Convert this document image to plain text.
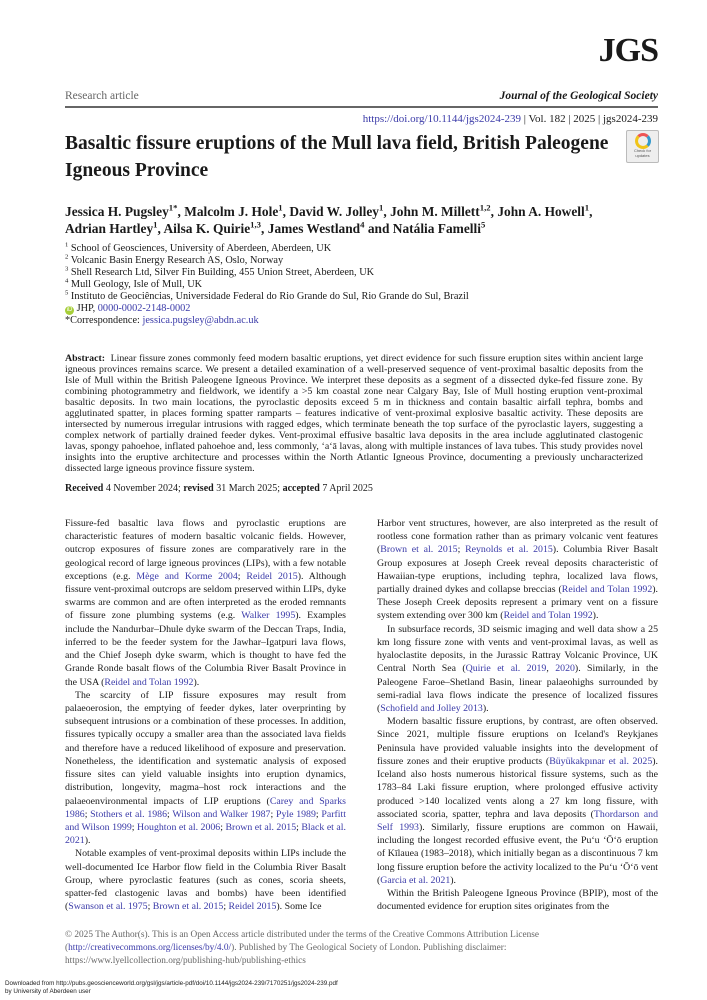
JGS
Research article	Journal of the Geological Society
https://doi.org/10.1144/jgs2024-239 | Vol. 182 | 2025 | jgs2024-239
Check for
updates
Basaltic fissure eruptions of the Mull lava field, British Paleogene Igneous Province
Jessica H. Pugsley$^{1*}$, Malcolm J. Hole$^1$, David W. Jolley$^1$, John M. Millett$^{1,2}$, John A. Howell$^1$, Adrian Hartley$^1$, Ailsa K. Quirie$^{1,3}$, James Westland$^4$ and Natália Famelli$^5$
$^1$ School of Geosciences, University of Aberdeen, Aberdeen, UK
$^2$ Volcanic Basin Energy Research AS, Oslo, Norway
$^3$ Shell Research Ltd, Silver Fin Building, 455 Union Street, Aberdeen, UK
$^4$ Mull Geology, Isle of Mull, UK
$^5$ Instituto de Geociências, Universidade Federal do Rio Grande do Sul, Rio Grande do Sul, Brazil
iD JHP, 0000-0002-2148-0002
*Correspondence: jessica.pugsley@abdn.ac.uk
Abstract: Linear fissure zones commonly feed modern basaltic eruptions, yet direct evidence for such fissure eruption sites within ancient large igneous provinces remains scarce. We present a detailed examination of a well-preserved sequence of vent-proximal basaltic deposits from the Isle of Mull within the British Paleogene Igneous Province. We interpret these deposits as a segment of a dissected dyke-fed fissure zone. By combining photogrammetry and fieldwork, we identify a >5 km coastal zone near Calgary Bay, Isle of Mull hosting eruption vent-proximal basaltic deposits. In two main locations, the pyroclastic deposits exceed 5 m in thickness and contain basaltic airfall tephra, bombs and agglutinated spatter, in places forming spatter ramparts – features indicative of vent-proximal explosive basaltic activity. These deposits are intersected by numerous irregular intrusions with ragged edges, which terminate beneath the top surface of the pyroclastic layers, suggesting a complex network of partially drained feeder dykes. Vent-proximal effusive basaltic lava deposits in the area include agglutinated clastogenic lavas, spongy pahoehoe, inflated pahoehoe and, less commonly, ‘a‘ā lavas, along with multiple instances of lava tubes. This study provides novel insights into the eruptive architecture and processes within the North Atlantic Igneous Province, documenting a previously uncharacterized dissected large igneous province fissure system.
Received 4 November 2024; revised 31 March 2025; accepted 7 April 2025

Fissure-fed basaltic lava flows and pyroclastic eruptions are characteristic features of modern basaltic volcanic fields. However, outcrop exposures of fissure zones are comparatively rare in the geological record of large igneous provinces (LIPs), with a few notable exceptions (e.g. Mège and Korme 2004; Reidel 2015). Although fissure vent-proximal outcrops are seldom preserved within LIPs, dyke swarms are common and are often interpreted as the eroded remnants of fissure zone plumbing systems (e.g. Walker 1995). Examples include the Nandurbar–Dhule dyke swarm of the Deccan Traps, India, inferred to be the feeder system for the Jawhar–Igatpuri lava flows, and the Chief Joseph dyke swarm, which is thought to have fed the Grande Ronde basalt flows of the Columbia River Basalt Province in the USA (Reidel and Tolan 1992).

The scarcity of LIP fissure exposures may result from palaeoerosion, the emptying of feeder dykes, later overprinting by subsequent intrusions or a combination of these processes. In addition, fissures typically occupy a smaller area than the associated lava fields and therefore have a reduced likelihood of exposure and preservation. Nonetheless, the identification and systematic analysis of exposed fissure sites can yield valuable insights into eruption dynamics, distribution, longevity, magma–host rock interactions and the palaeoenvironmental impacts of LIP eruptions (Carey and Sparks 1986; Stothers et al. 1986; Wilson and Walker 1987; Pyle 1989; Parfitt and Wilson 1999; Houghton et al. 2006; Brown et al. 2015; Black et al. 2021).

Notable examples of vent-proximal deposits within LIPs include the well-documented Ice Harbor flow field in the Columbia River Basalt Group, where pyroclastic features (such as cones, scoria sheets, spatter-fed clastogenic lavas and bombs) have been identified (Swanson et al. 1975; Brown et al. 2015; Reidel 2015). Some Ice

Harbor vent structures, however, are also interpreted as the result of rootless cone formation rather than as primary volcanic vent features (Brown et al. 2015; Reynolds et al. 2015). Columbia River Basalt Group exposures at Joseph Creek reveal deposits characteristic of Hawaiian-type eruptions, including tephra, localized lava flows, partially drained dykes and collapse breccias (Reidel and Tolan 1992). These Joseph Creek deposits represent a primary vent on a fissure system extending over 300 km (Reidel and Tolan 1992).

In subsurface records, 3D seismic imaging and well data show a 25 km long fissure zone with vents and vent-proximal lavas, as well as hyaloclastite deposits, in the Jurassic Rattray Volcanic Province, UK Central North Sea (Quirie et al. 2019, 2020). Similarly, in the Paleogene Faroe–Shetland Basin, linear palaeohighs surrounded by semi-radial lava flows indicate the presence of localized fissures (Schofield and Jolley 2013).

Modern basaltic fissure eruptions, by contrast, are often observed. Since 2021, multiple fissure eruptions on Iceland's Reykjanes Peninsula have provided valuable insights into the development of fissure zones and their eruptive products (Büyükakpınar et al. 2025). Iceland also hosts numerous historical fissure systems, such as the 1783–84 Laki fissure eruption, where prolonged effusive activity produced >140 localized vents along a 27 km long fissure, with associated scoria, spatter, tephra and lava deposits (Thordarson and Self 1993). Similarly, fissure eruptions are common on Hawaii, including the longest recorded effusive event, the Puʻu ʻŌʻō eruption of Kīlauea (1983–2018), which initially began as a discontinuous 7 km long fissure eruption before the activity localized to the Puʻu ʻŌʻō vent (Garcia et al. 2021).

Within the British Paleogene Igneous Province (BPIP), most of the documented evidence for eruption sites originates from the

© 2025 The Author(s). This is an Open Access article distributed under the terms of the Creative Commons Attribution License (http://creativecommons.org/licenses/by/4.0/). Published by The Geological Society of London. Publishing disclaimer: https://www.lyellcollection.org/publishing-hub/publishing-ethics
Downloaded from http://pubs.geoscienceworld.org/gsl/jgs/article-pdf/doi/10.1144/jgs2024-239/7170251/jgs2024-239.pdf
by University of Aberdeen user
